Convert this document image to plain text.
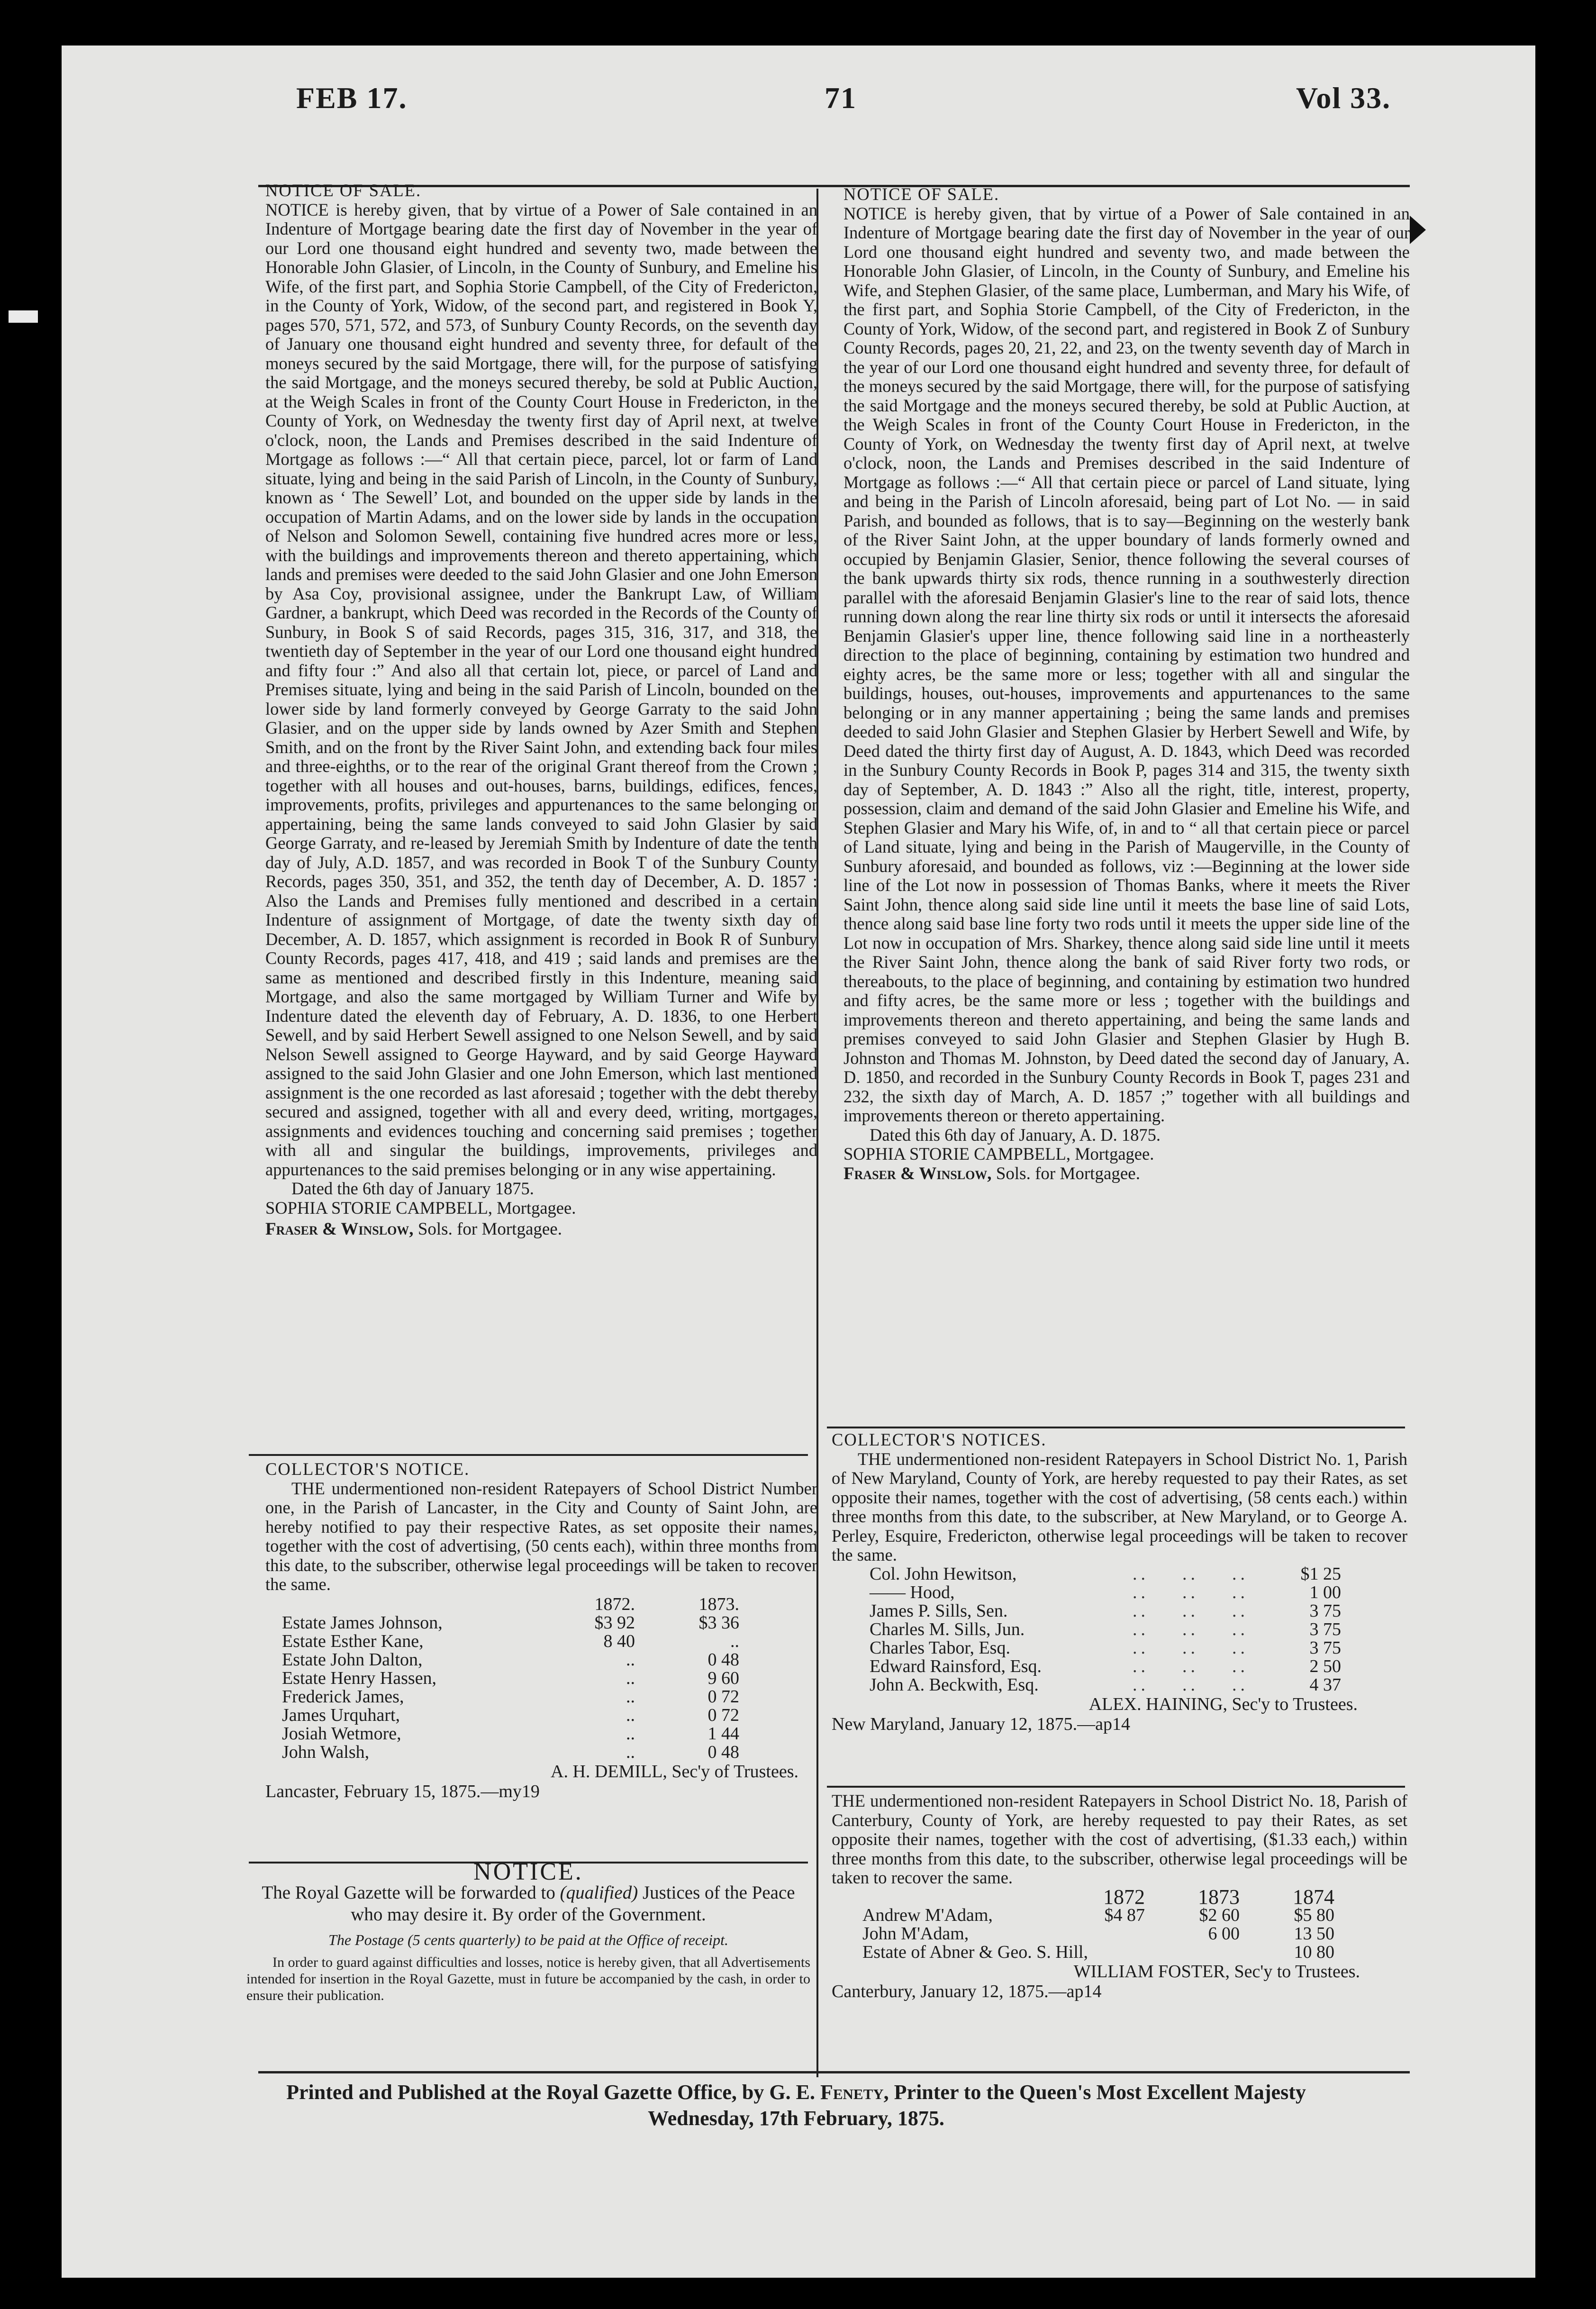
FEB 17.	71	Vol 33.

NOTICE OF SALE.

NOTICE is hereby given, that by virtue of a Power of Sale contained in an Indenture of Mortgage bearing date the first day of November in the year of our Lord one thousand eight hundred and seventy two, made between the Honorable John Glasier, of Lincoln, in the County of Sunbury, and Emeline his Wife, of the first part, and Sophia Storie Campbell, of the City of Fredericton, in the County of York, Widow, of the second part, and registered in Book Y, pages 570, 571, 572, and 573, of Sunbury County Records, on the seventh day of January one thousand eight hundred and seventy three, for default of the moneys secured by the said Mortgage, there will, for the purpose of satisfying the said Mortgage, and the moneys secured thereby, be sold at Public Auction, at the Weigh Scales in front of the County Court House in Fredericton, in the County of York, on Wednesday the twenty first day of April next, at twelve o'clock, noon, the Lands and Premises described in the said Indenture of Mortgage as follows :—“ All that certain piece, parcel, lot or farm of Land situate, lying and being in the said Parish of Lincoln, in the County of Sunbury, known as ‘ The Sewell’ Lot, and bounded on the upper side by lands in the occupation of Martin Adams, and on the lower side by lands in the occupation of Nelson and Solomon Sewell, containing five hundred acres more or less, with the buildings and improvements thereon and thereto appertaining, which lands and premises were deeded to the said John Glasier and one John Emerson by Asa Coy, provisional assignee, under the Bankrupt Law, of William Gardner, a bankrupt, which Deed was recorded in the Records of the County of Sunbury, in Book S of said Records, pages 315, 316, 317, and 318, the twentieth day of September in the year of our Lord one thousand eight hundred and fifty four :” And also all that certain lot, piece, or parcel of Land and Premises situate, lying and being in the said Parish of Lincoln, bounded on the lower side by land formerly conveyed by George Garraty to the said John Glasier, and on the upper side by lands owned by Azer Smith and Stephen Smith, and on the front by the River Saint John, and extending back four miles and three-eighths, or to the rear of the original Grant thereof from the Crown ; together with all houses and out-houses, barns, buildings, edifices, fences, improvements, profits, privileges and appurtenances to the same belonging or appertaining, being the same lands conveyed to said John Glasier by said George Garraty, and re-leased by Jeremiah Smith by Indenture of date the tenth day of July, A.D. 1857, and was recorded in Book T of the Sunbury County Records, pages 350, 351, and 352, the tenth day of December, A. D. 1857 : Also the Lands and Premises fully mentioned and described in a certain Indenture of assignment of Mortgage, of date the twenty sixth day of December, A. D. 1857, which assignment is recorded in Book R of Sunbury County Records, pages 417, 418, and 419 ; said lands and premises are the same as mentioned and described firstly in this Indenture, meaning said Mortgage, and also the same mortgaged by William Turner and Wife by Indenture dated the eleventh day of February, A. D. 1836, to one Herbert Sewell, and by said Herbert Sewell assigned to one Nelson Sewell, and by said Nelson Sewell assigned to George Hayward, and by said George Hayward assigned to the said John Glasier and one John Emerson, which last mentioned assignment is the one recorded as last aforesaid ; together with the debt thereby secured and assigned, together with all and every deed, writing, mortgages, assignments and evidences touching and concerning said premises ; together with all and singular the buildings, improvements, privileges and appurtenances to the said premises belonging or in any wise appertaining.

Dated the 6th day of January 1875.

SOPHIA STORIE CAMPBELL, Mortgagee.

Fraser & Winslow, Sols. for Mortgagee.

COLLECTOR'S NOTICE.

THE undermentioned non-resident Ratepayers of School District Number one, in the Parish of Lancaster, in the City and County of Saint John, are hereby notified to pay their respective Rates, as set opposite their names, together with the cost of advertising, (50 cents each), within three months from this date, to the subscriber, otherwise legal proceedings will be taken to recover the same.

	1872.	1873.
Estate James Johnson,	$3 92	$3 36
Estate Esther Kane,	8 40	..
Estate John Dalton,	..	0 48
Estate Henry Hassen,	..	9 60
Frederick James,	..	0 72
James Urquhart,	..	0 72
Josiah Wetmore,	..	1 44
John Walsh,	..	0 48

A. H. DEMILL, Sec'y of Trustees.

Lancaster, February 15, 1875.—my19

NOTICE.

The Royal Gazette will be forwarded to (qualified) Justices of the Peace who may desire it. By order of the Government.

The Postage (5 cents quarterly) to be paid at the Office of receipt.

In order to guard against difficulties and losses, notice is hereby given, that all Advertisements intended for insertion in the Royal Gazette, must in future be accompanied by the cash, in order to ensure their publication.

NOTICE OF SALE.

NOTICE is hereby given, that by virtue of a Power of Sale contained in an Indenture of Mortgage bearing date the first day of November in the year of our Lord one thousand eight hundred and seventy two, and made between the Honorable John Glasier, of Lincoln, in the County of Sunbury, and Emeline his Wife, and Stephen Glasier, of the same place, Lumberman, and Mary his Wife, of the first part, and Sophia Storie Campbell, of the City of Fredericton, in the County of York, Widow, of the second part, and registered in Book Z of Sunbury County Records, pages 20, 21, 22, and 23, on the twenty seventh day of March in the year of our Lord one thousand eight hundred and seventy three, for default of the moneys secured by the said Mortgage, there will, for the purpose of satisfying the said Mortgage and the moneys secured thereby, be sold at Public Auction, at the Weigh Scales in front of the County Court House in Fredericton, in the County of York, on Wednesday the twenty first day of April next, at twelve o'clock, noon, the Lands and Premises described in the said Indenture of Mortgage as follows :—“ All that certain piece or parcel of Land situate, lying and being in the Parish of Lincoln aforesaid, being part of Lot No. — in said Parish, and bounded as follows, that is to say—Beginning on the westerly bank of the River Saint John, at the upper boundary of lands formerly owned and occupied by Benjamin Glasier, Senior, thence following the several courses of the bank upwards thirty six rods, thence running in a southwesterly direction parallel with the aforesaid Benjamin Glasier's line to the rear of said lots, thence running down along the rear line thirty six rods or until it intersects the aforesaid Benjamin Glasier's upper line, thence following said line in a northeasterly direction to the place of beginning, containing by estimation two hundred and eighty acres, be the same more or less; together with all and singular the buildings, houses, out-houses, improvements and appurtenances to the same belonging or in any manner appertaining ; being the same lands and premises deeded to said John Glasier and Stephen Glasier by Herbert Sewell and Wife, by Deed dated the thirty first day of August, A. D. 1843, which Deed was recorded in the Sunbury County Records in Book P, pages 314 and 315, the twenty sixth day of September, A. D. 1843 :” Also all the right, title, interest, property, possession, claim and demand of the said John Glasier and Emeline his Wife, and Stephen Glasier and Mary his Wife, of, in and to “ all that certain piece or parcel of Land situate, lying and being in the Parish of Maugerville, in the County of Sunbury aforesaid, and bounded as follows, viz :—Beginning at the lower side line of the Lot now in possession of Thomas Banks, where it meets the River Saint John, thence along said side line until it meets the base line of said Lots, thence along said base line forty two rods until it meets the upper side line of the Lot now in occupation of Mrs. Sharkey, thence along said side line until it meets the River Saint John, thence along the bank of said River forty two rods, or thereabouts, to the place of beginning, and containing by estimation two hundred and fifty acres, be the same more or less ; together with the buildings and improvements thereon and thereto appertaining, and being the same lands and premises conveyed to said John Glasier and Stephen Glasier by Hugh B. Johnston and Thomas M. Johnston, by Deed dated the second day of January, A. D. 1850, and recorded in the Sunbury County Records in Book T, pages 231 and 232, the sixth day of March, A. D. 1857 ;” together with all buildings and improvements thereon or thereto appertaining.

Dated this 6th day of January, A. D. 1875.

SOPHIA STORIE CAMPBELL, Mortgagee.

Fraser & Winslow, Sols. for Mortgagee.

COLLECTOR'S NOTICES.

THE undermentioned non-resident Ratepayers in School District No. 1, Parish of New Maryland, County of York, are hereby requested to pay their Rates, as set opposite their names, together with the cost of advertising, (58 cents each.) within three months from this date, to the subscriber, at New Maryland, or to George A. Perley, Esquire, Fredericton, otherwise legal proceedings will be taken to recover the same.

Col. John Hewitson,	..	..	..	$1 25
—— Hood,	..	..	..	1 00
James P. Sills, Sen.	..	..	..	3 75
Charles M. Sills, Jun.	..	..	..	3 75
Charles Tabor, Esq.	..	..	..	3 75
Edward Rainsford, Esq.	..	..	..	2 50
John A. Beckwith, Esq.	..	..	..	4 37

ALEX. HAINING, Sec'y to Trustees.

New Maryland, January 12, 1875.—ap14

THE undermentioned non-resident Ratepayers in School District No. 18, Parish of Canterbury, County of York, are hereby requested to pay their Rates, as set opposite their names, together with the cost of advertising, ($1.33 each,) within three months from this date, to the subscriber, otherwise legal proceedings will be taken to recover the same.

	1872	1873	1874
Andrew M'Adam,	$4 87	$2 60	$5 80
John M'Adam,		6 00	13 50
Estate of Abner & Geo. S. Hill,			10 80

WILLIAM FOSTER, Sec'y to Trustees.

Canterbury, January 12, 1875.—ap14

Printed and Published at the Royal Gazette Office, by G. E. Fenety, Printer to the Queen's Most Excellent Majesty
Wednesday, 17th February, 1875.
